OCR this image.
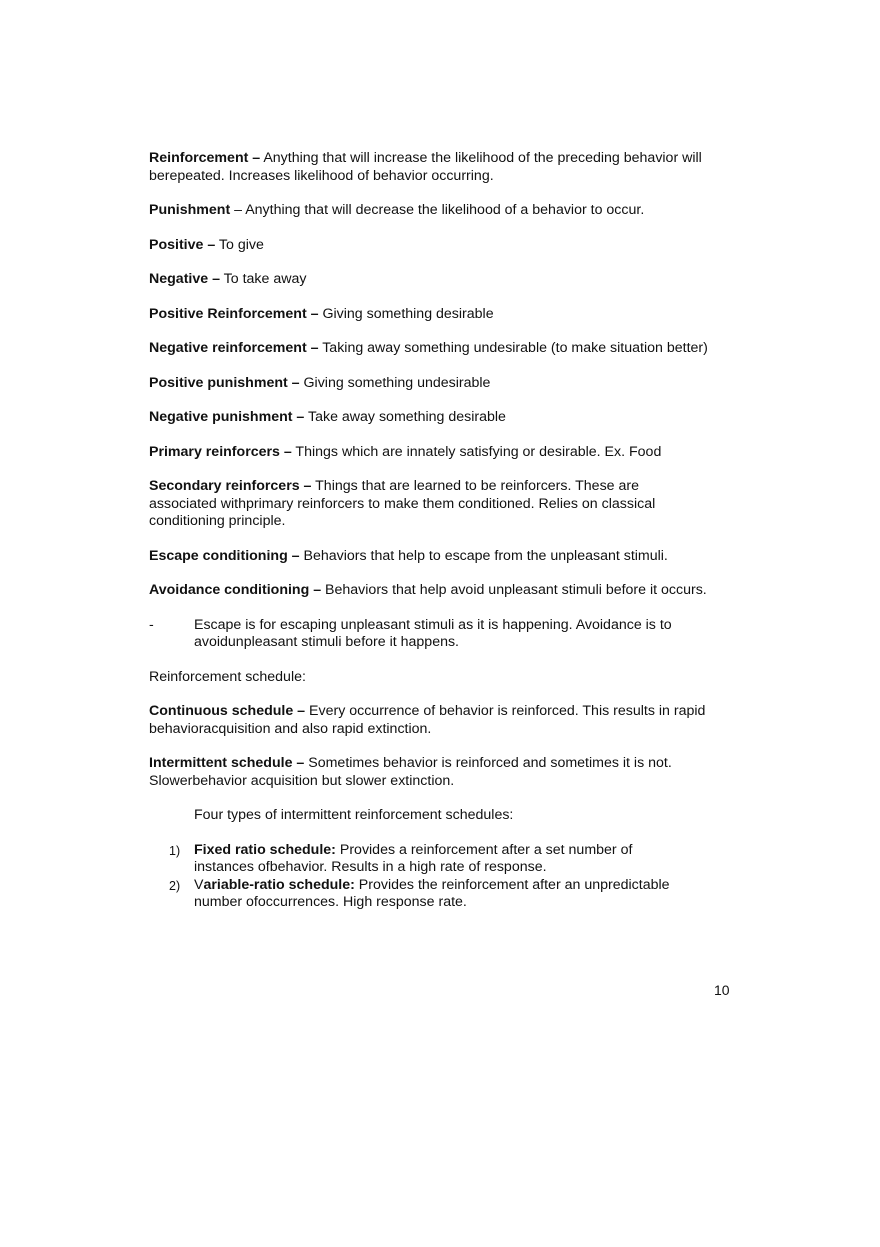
Reinforcement – Anything that will increase the likelihood of the preceding behavior will berepeated. Increases likelihood of behavior occurring.

Punishment – Anything that will decrease the likelihood of a behavior to occur.

Positive – To give

Negative – To take away

Positive Reinforcement – Giving something desirable

Negative reinforcement – Taking away something undesirable (to make situation better)

Positive punishment – Giving something undesirable

Negative punishment – Take away something desirable

Primary reinforcers – Things which are innately satisfying or desirable. Ex. Food

Secondary reinforcers – Things that are learned to be reinforcers. These are associated withprimary reinforcers to make them conditioned. Relies on classical conditioning principle.

Escape conditioning – Behaviors that help to escape from the unpleasant stimuli.

Avoidance conditioning – Behaviors that help avoid unpleasant stimuli before it occurs.

-	Escape is for escaping unpleasant stimuli as it is happening. Avoidance is to avoidunpleasant stimuli before it happens.

Reinforcement schedule:

Continuous schedule – Every occurrence of behavior is reinforced. This results in rapid behavioracquisition and also rapid extinction.

Intermittent schedule – Sometimes behavior is reinforced and sometimes it is not. Slowerbehavior acquisition but slower extinction.

Four types of intermittent reinforcement schedules:

1) Fixed ratio schedule: Provides a reinforcement after a set number of instances ofbehavior. Results in a high rate of response.
2) Variable-ratio schedule: Provides the reinforcement after an unpredictable number ofoccurrences. High response rate.
10
